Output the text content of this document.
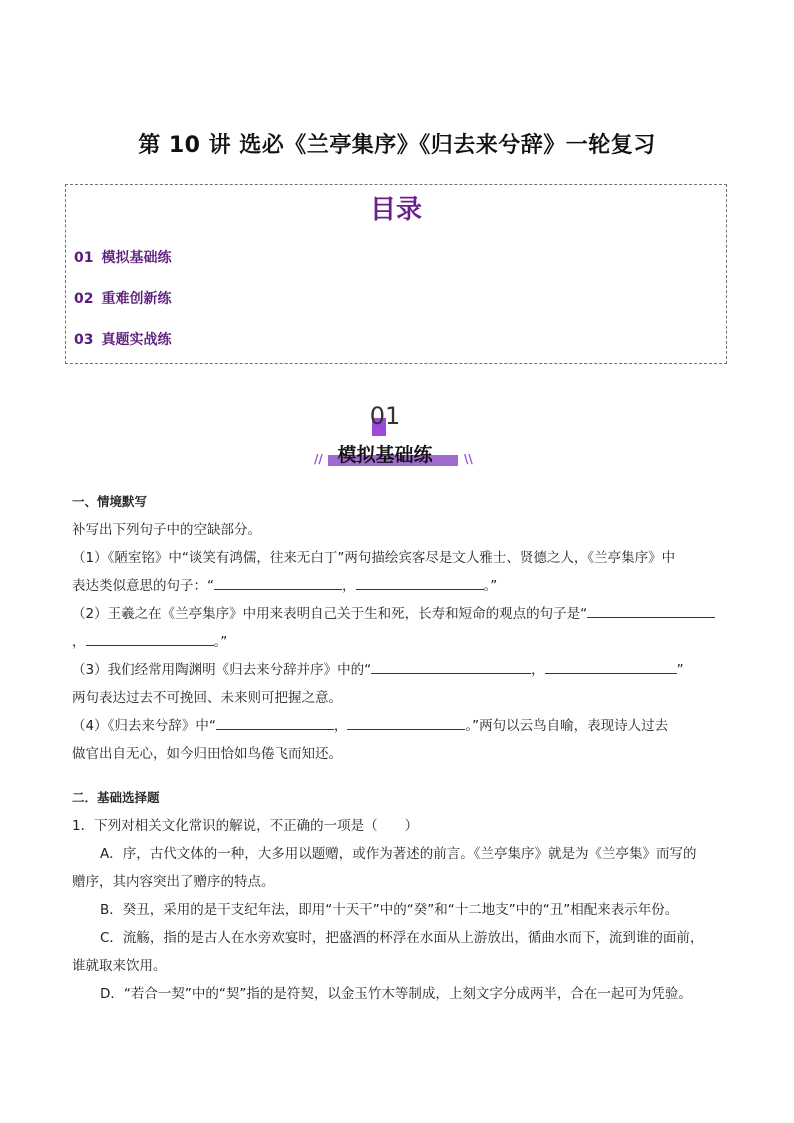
第 10 讲 选必《兰亭集序》《归去来兮辞》一轮复习
目录
01 模拟基础练
02 重难创新练
03 真题实战练
01
// 模拟基础练	\\
一、情境默写
补写出下列句子中的空缺部分。
（1）《陋室铭》中“谈笑有鸿儒，往来无白丁”两句描绘宾客尽是文人雅士、贤德之人，《兰亭集序》中
表达类似意思的句子：“	，	。”
（2）王羲之在《兰亭集序》中用来表明自己关于生和死，长寿和短命的观点的句子是“
，	。”
（3）我们经常用陶渊明《归去来兮辞并序》中的“	，	”
两句表达过去不可挽回、未来则可把握之意。
（4）《归去来兮辞》中“	，	。”两句以云鸟自喻，表现诗人过去
做官出自无心，如今归田恰如鸟倦飞而知还。
二．基础选择题
1．下列对相关文化常识的解说，不正确的一项是（　　）
A．序，古代文体的一种，大多用以题赠，或作为著述的前言。《兰亭集序》就是为《兰亭集》而写的
赠序，其内容突出了赠序的特点。
B．癸丑，采用的是干支纪年法，即用“十天干”中的“癸”和“十二地支”中的“丑”相配来表示年份。
C．流觞，指的是古人在水旁欢宴时，把盛酒的杯浮在水面从上游放出，循曲水而下，流到谁的面前，
谁就取来饮用。
D．“若合一契”中的“契”指的是符契，以金玉竹木等制成，上刻文字分成两半，合在一起可为凭验。
